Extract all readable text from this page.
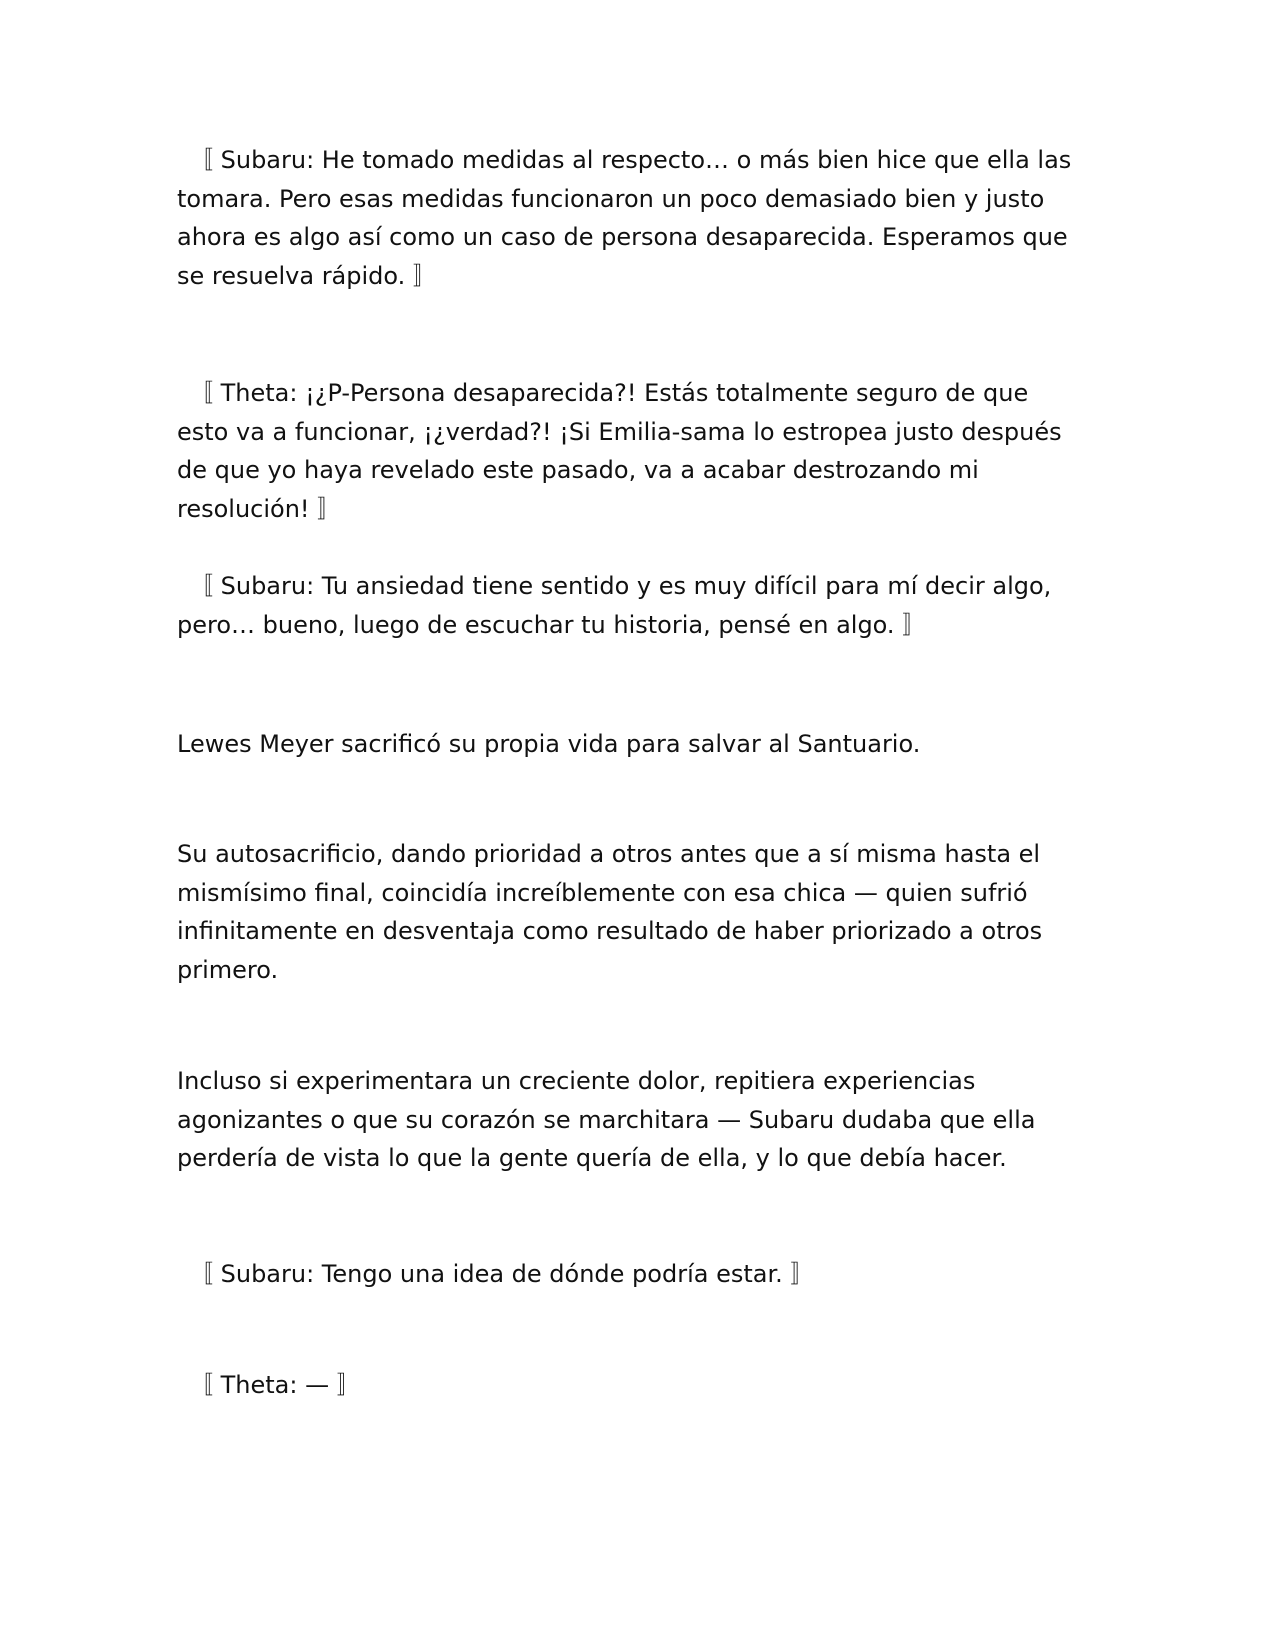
〚 Subaru: He tomado medidas al respecto… o más bien hice que ella las tomara. Pero esas medidas funcionaron un poco demasiado bien y justo ahora es algo así como un caso de persona desaparecida. Esperamos que se resuelva rápido. 〛

〚 Theta: ¡¿P-Persona desaparecida?! Estás totalmente seguro de que esto va a funcionar, ¡¿verdad?! ¡Si Emilia-sama lo estropea justo después de que yo haya revelado este pasado, va a acabar destrozando mi resolución! 〛

〚 Subaru: Tu ansiedad tiene sentido y es muy difícil para mí decir algo, pero… bueno, luego de escuchar tu historia, pensé en algo. 〛

Lewes Meyer sacrificó su propia vida para salvar al Santuario.

Su autosacrificio, dando prioridad a otros antes que a sí misma hasta el mismísimo final, coincidía increíblemente con esa chica — quien sufrió infinitamente en desventaja como resultado de haber priorizado a otros primero.

Incluso si experimentara un creciente dolor, repitiera experiencias agonizantes o que su corazón se marchitara — Subaru dudaba que ella perdería de vista lo que la gente quería de ella, y lo que debía hacer.

〚 Subaru: Tengo una idea de dónde podría estar. 〛

〚 Theta: — 〛
